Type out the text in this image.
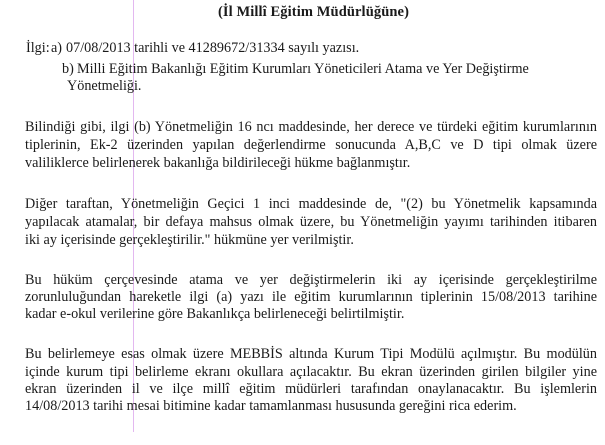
(İl Millî Eğitim Müdürlüğüne)
İlgi: a) 07/08/2013 tarihli ve 41289672/31334 sayılı yazısı.
b) Milli Eğitim Bakanlığı Eğitim Kurumları Yöneticileri Atama ve Yer Değiştirme
Yönetmeliği.
Bilindiği gibi, ilgi (b) Yönetmeliğin 16 ncı maddesinde, her derece ve türdeki eğitim kurumlarının
tiplerinin, Ek-2 üzerinden yapılan değerlendirme sonucunda A,B,C ve D tipi olmak üzere
valiliklerce belirlenerek bakanlığa bildirileceği hükme bağlanmıştır.
Diğer taraftan, Yönetmeliğin Geçici 1 inci maddesinde de, "(2) bu Yönetmelik kapsamında
yapılacak atamalar, bir defaya mahsus olmak üzere, bu Yönetmeliğin yayımı tarihinden itibaren
iki ay içerisinde gerçekleştirilir." hükmüne yer verilmiştir.
Bu hüküm çerçevesinde atama ve yer değiştirmelerin iki ay içerisinde gerçekleştirilme
zorunluluğundan hareketle ilgi (a) yazı ile eğitim kurumlarının tiplerinin 15/08/2013 tarihine
kadar e-okul verilerine göre Bakanlıkça belirleneceği belirtilmiştir.
Bu belirlemeye esas olmak üzere MEBBİS altında Kurum Tipi Modülü açılmıştır. Bu modülün
içinde kurum tipi belirleme ekranı okullara açılacaktır. Bu ekran üzerinden girilen bilgiler yine
ekran üzerinden il ve ilçe millî eğitim müdürleri tarafından onaylanacaktır. Bu işlemlerin
14/08/2013 tarihi mesai bitimine kadar tamamlanması hususunda gereğini rica ederim.
